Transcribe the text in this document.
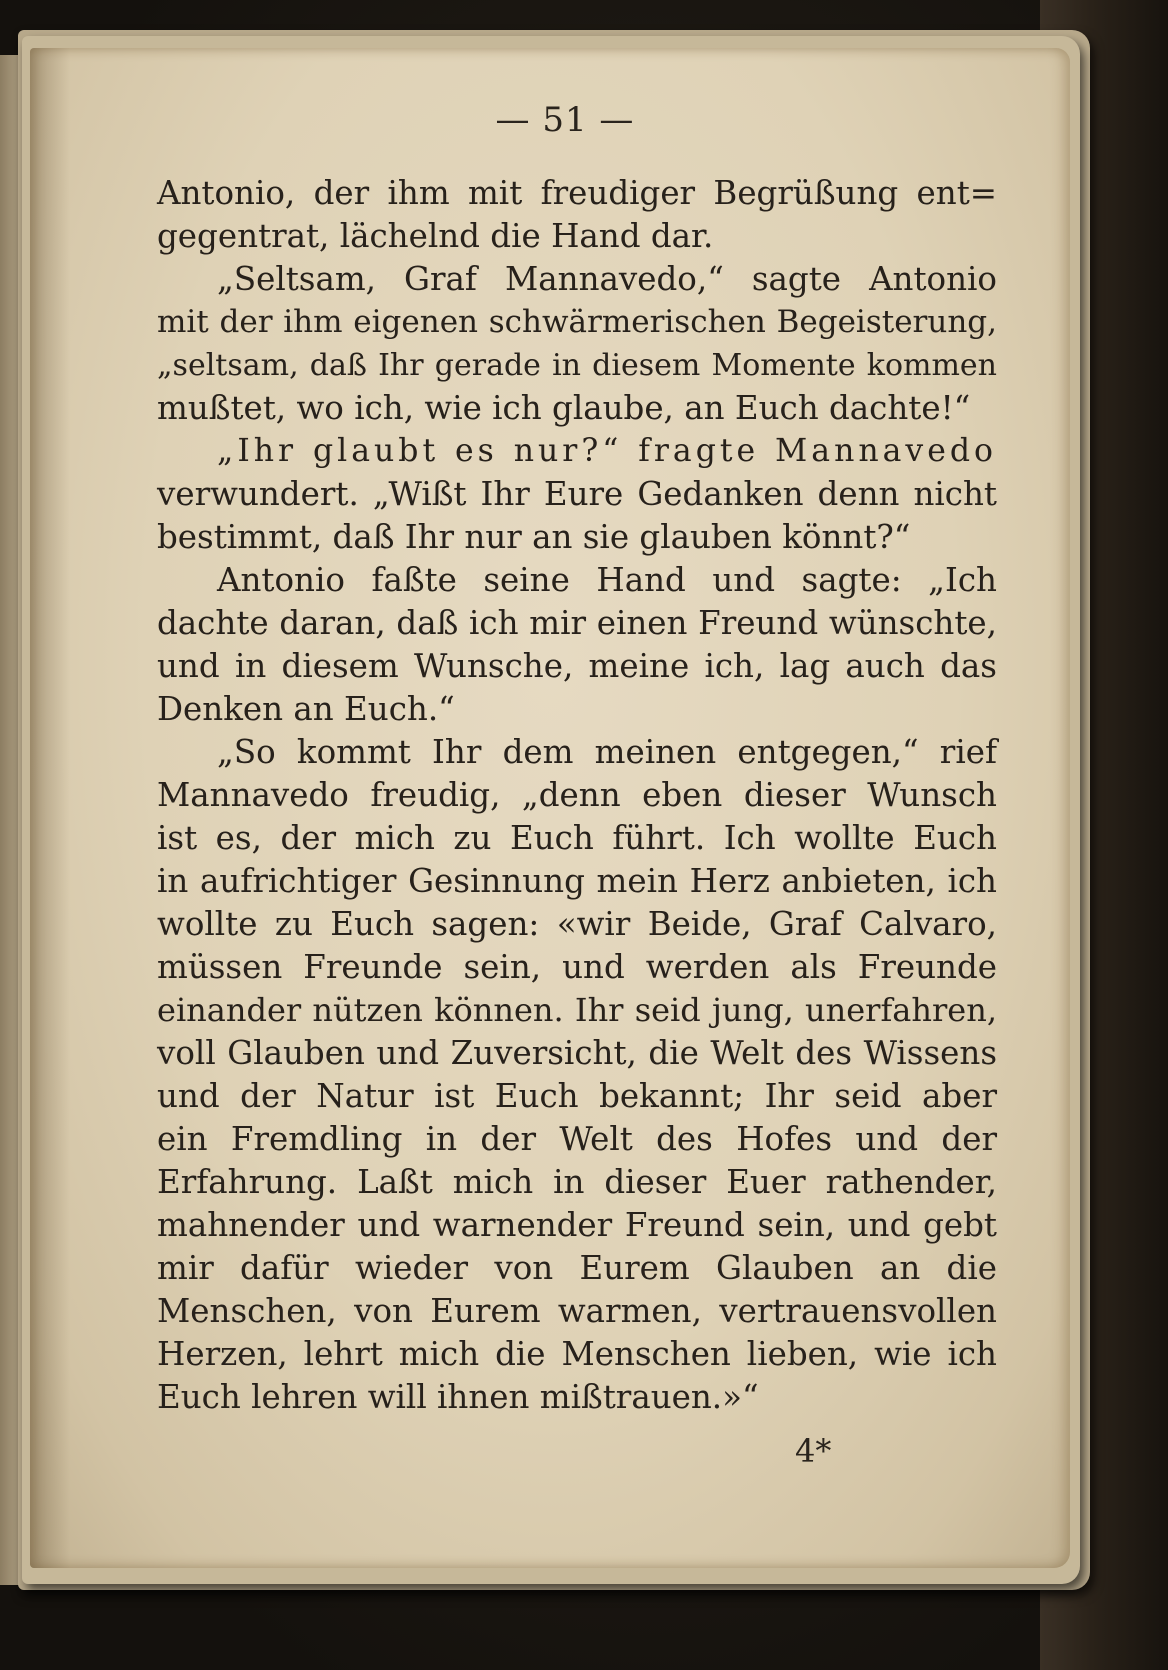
— 51 —
Antonio, der ihm mit freudiger Begrüßung ent=
gegentrat, lächelnd die Hand dar.
„Seltsam, Graf Mannavedo,“ sagte Antonio
mit der ihm eigenen schwärmerischen Begeisterung,
„seltsam, daß Ihr gerade in diesem Momente kommen
mußtet, wo ich, wie ich glaube, an Euch dachte!“
„Ihr glaubt es nur?“ fragte Mannavedo
verwundert. „Wißt Ihr Eure Gedanken denn nicht
bestimmt, daß Ihr nur an sie glauben könnt?“
Antonio faßte seine Hand und sagte: „Ich
dachte daran, daß ich mir einen Freund wünschte,
und in diesem Wunsche, meine ich, lag auch das
Denken an Euch.“
„So kommt Ihr dem meinen entgegen,“ rief
Mannavedo freudig, „denn eben dieser Wunsch
ist es, der mich zu Euch führt. Ich wollte Euch
in aufrichtiger Gesinnung mein Herz anbieten, ich
wollte zu Euch sagen: «wir Beide, Graf Calvaro,
müssen Freunde sein, und werden als Freunde
einander nützen können. Ihr seid jung, unerfahren,
voll Glauben und Zuversicht, die Welt des Wissens
und der Natur ist Euch bekannt; Ihr seid aber
ein Fremdling in der Welt des Hofes und der
Erfahrung. Laßt mich in dieser Euer rathender,
mahnender und warnender Freund sein, und gebt
mir dafür wieder von Eurem Glauben an die
Menschen, von Eurem warmen, vertrauensvollen
Herzen, lehrt mich die Menschen lieben, wie ich
Euch lehren will ihnen mißtrauen.»“
4*
